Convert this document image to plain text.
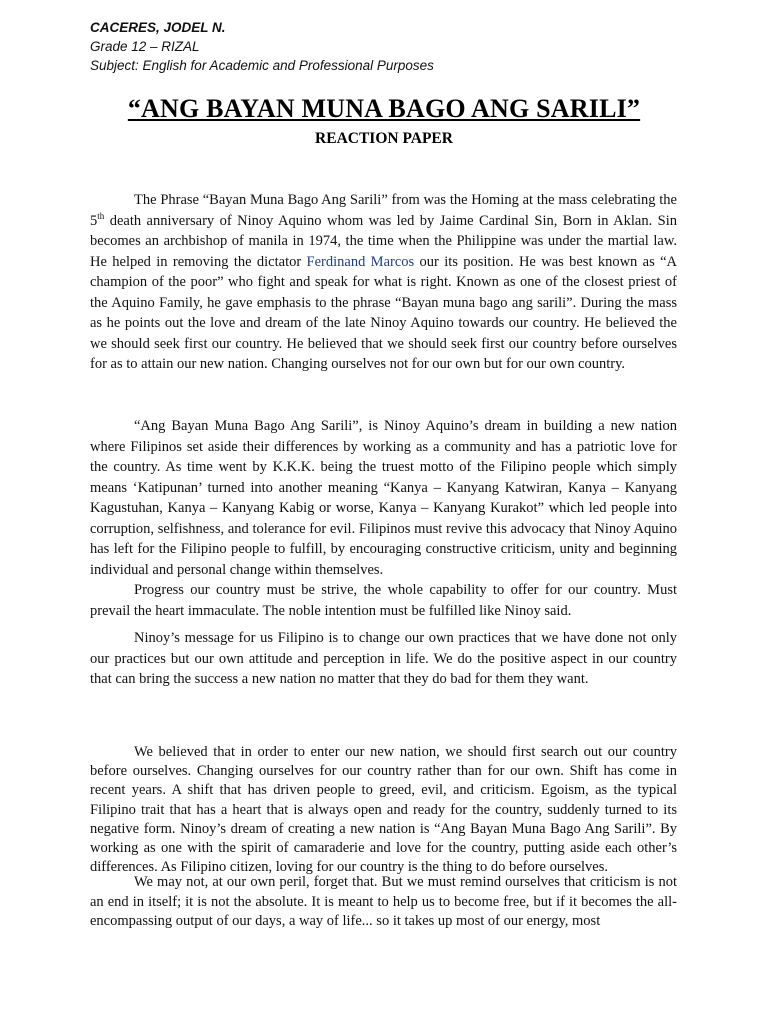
CACERES, JODEL N.
Grade 12 – RIZAL
Subject: English for Academic and Professional Purposes
“ANG BAYAN MUNA BAGO ANG SARILI”
REACTION PAPER

The Phrase “Bayan Muna Bago Ang Sarili” from was the Homing at the mass celebrating the 5th death anniversary of Ninoy Aquino whom was led by Jaime Cardinal Sin, Born in Aklan. Sin becomes an archbishop of manila in 1974, the time when the Philippine was under the martial law. He helped in removing the dictator Ferdinand Marcos our its position. He was best known as “A champion of the poor” who fight and speak for what is right. Known as one of the closest priest of the Aquino Family, he gave emphasis to the phrase “Bayan muna bago ang sarili”. During the mass as he points out the love and dream of the late Ninoy Aquino towards our country. He believed the we should seek first our country. He believed that we should seek first our country before ourselves for as to attain our new nation. Changing ourselves not for our own but for our own country.

“Ang Bayan Muna Bago Ang Sarili”, is Ninoy Aquino’s dream in building a new nation where Filipinos set aside their differences by working as a community and has a patriotic love for the country. As time went by K.K.K. being the truest motto of the Filipino people which simply means ‘Katipunan’ turned into another meaning “Kanya – Kanyang Katwiran, Kanya – Kanyang Kagustuhan, Kanya – Kanyang Kabig or worse, Kanya – Kanyang Kurakot” which led people into corruption, selfishness, and tolerance for evil. Filipinos must revive this advocacy that Ninoy Aquino has left for the Filipino people to fulfill, by encouraging constructive criticism, unity and beginning individual and personal change within themselves.

Progress our country must be strive, the whole capability to offer for our country. Must prevail the heart immaculate. The noble intention must be fulfilled like Ninoy said.

Ninoy’s message for us Filipino is to change our own practices that we have done not only our practices but our own attitude and perception in life. We do the positive aspect in our country that can bring the success a new nation no matter that they do bad for them they want.

We believed that in order to enter our new nation, we should first search out our country before ourselves. Changing ourselves for our country rather than for our own. Shift has come in recent years. A shift that has driven people to greed, evil, and criticism. Egoism, as the typical Filipino trait that has a heart that is always open and ready for the country, suddenly turned to its negative form. Ninoy’s dream of creating a new nation is “Ang Bayan Muna Bago Ang Sarili”. By working as one with the spirit of camaraderie and love for the country, putting aside each other’s differences. As Filipino citizen, loving for our country is the thing to do before ourselves.

We may not, at our own peril, forget that. But we must remind ourselves that criticism is not an end in itself; it is not the absolute. It is meant to help us to become free, but if it becomes the all-encompassing output of our days, a way of life... so it takes up most of our energy, most
